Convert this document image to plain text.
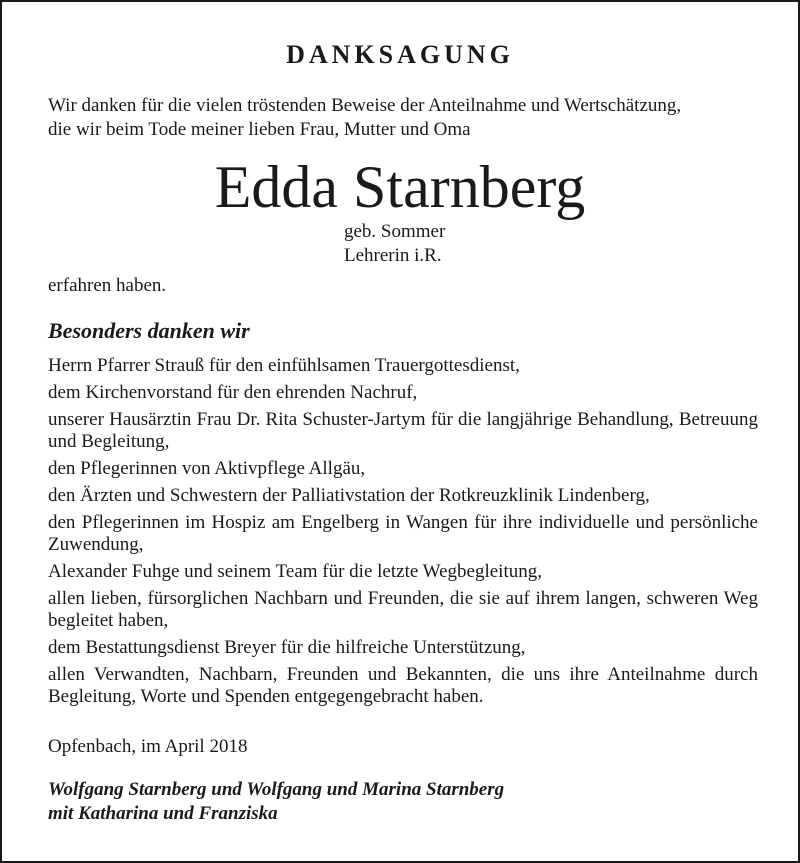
DANKSAGUNG
Wir danken für die vielen tröstenden Beweise der Anteilnahme und Wertschätzung,
die wir beim Tode meiner lieben Frau, Mutter und Oma
Edda Starnberg
geb. Sommer
Lehrerin i.R.
erfahren haben.
Besonders danken wir

Herrn Pfarrer Strauß für den einfühlsamen Trauergottesdienst,

dem Kirchenvorstand für den ehrenden Nachruf,

unserer Hausärztin Frau Dr. Rita Schuster-Jartym für die langjährige Behandlung, Betreuung und Begleitung,

den Pflegerinnen von Aktivpflege Allgäu,

den Ärzten und Schwestern der Palliativstation der Rotkreuzklinik Lindenberg,

den Pflegerinnen im Hospiz am Engelberg in Wangen für ihre individuelle und persönliche Zuwendung,

Alexander Fuhge und seinem Team für die letzte Wegbegleitung,

allen lieben, fürsorglichen Nachbarn und Freunden, die sie auf ihrem langen, schweren Weg begleitet haben,

dem Bestattungsdienst Breyer für die hilfreiche Unterstützung,

allen Verwandten, Nachbarn, Freunden und Bekannten, die uns ihre Anteilnahme durch Begleitung, Worte und Spenden entgegengebracht haben.

Opfenbach, im April 2018
Wolfgang Starnberg und Wolfgang und Marina Starnberg
mit Katharina und Franziska
